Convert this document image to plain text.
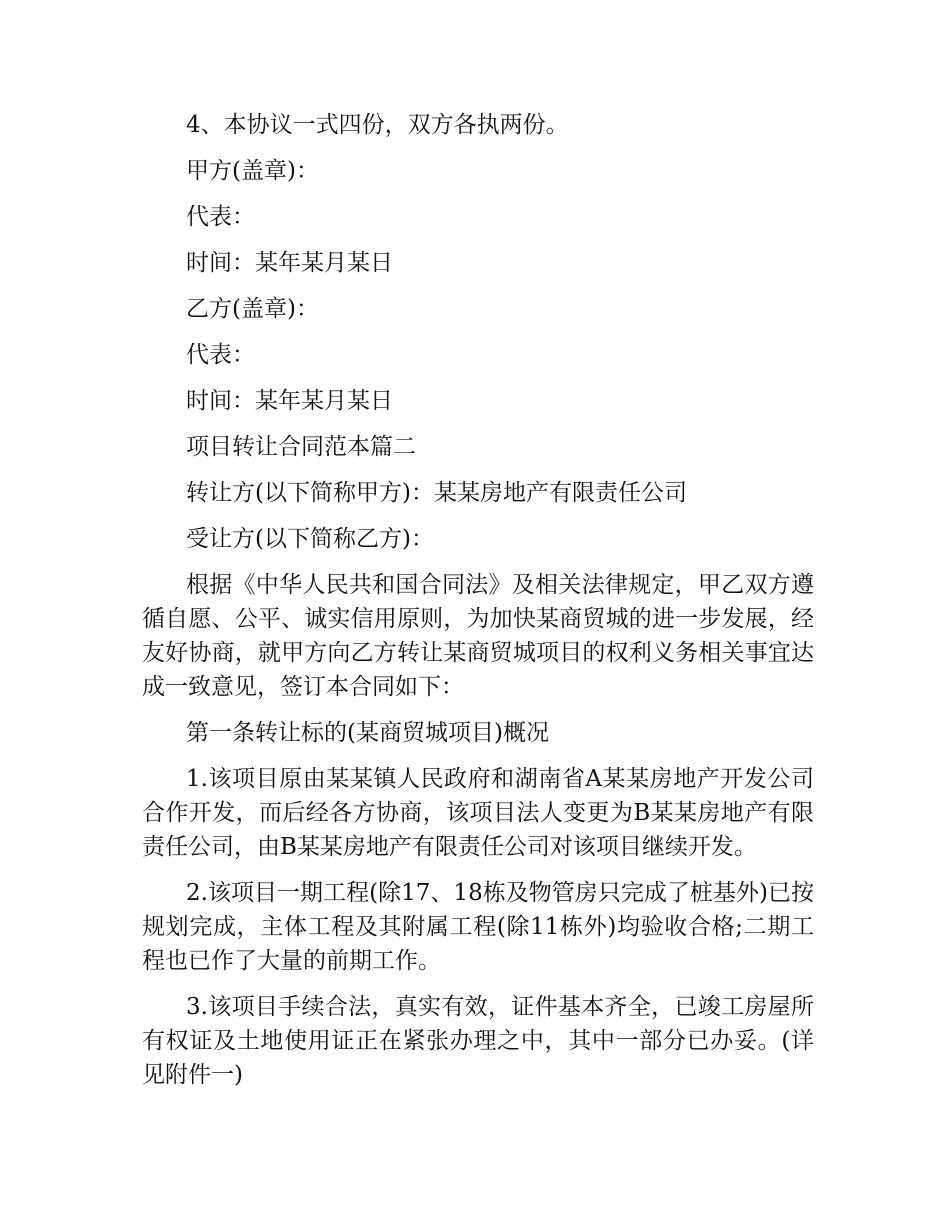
4、本协议一式四份，双方各执两份。

甲方(盖章)：

代表：

时间：某年某月某日

乙方(盖章)：

代表：

时间：某年某月某日

项目转让合同范本篇二

转让方(以下简称甲方)：某某房地产有限责任公司

受让方(以下简称乙方)：

根据《中华人民共和国合同法》及相关法律规定，甲乙双方遵循自愿、公平、诚实信用原则，为加快某商贸城的进一步发展，经友好协商，就甲方向乙方转让某商贸城项目的权利义务相关事宜达成一致意见，签订本合同如下：

第一条转让标的(某商贸城项目)概况

1.该项目原由某某镇人民政府和湖南省A某某房地产开发公司合作开发，而后经各方协商，该项目法人变更为B某某房地产有限责任公司，由B某某房地产有限责任公司对该项目继续开发。

2.该项目一期工程(除17、18栋及物管房只完成了桩基外)已按规划完成，主体工程及其附属工程(除11栋外)均验收合格;二期工程也已作了大量的前期工作。

3.该项目手续合法，真实有效，证件基本齐全，已竣工房屋所有权证及土地使用证正在紧张办理之中，其中一部分已办妥。(详见附件一)
